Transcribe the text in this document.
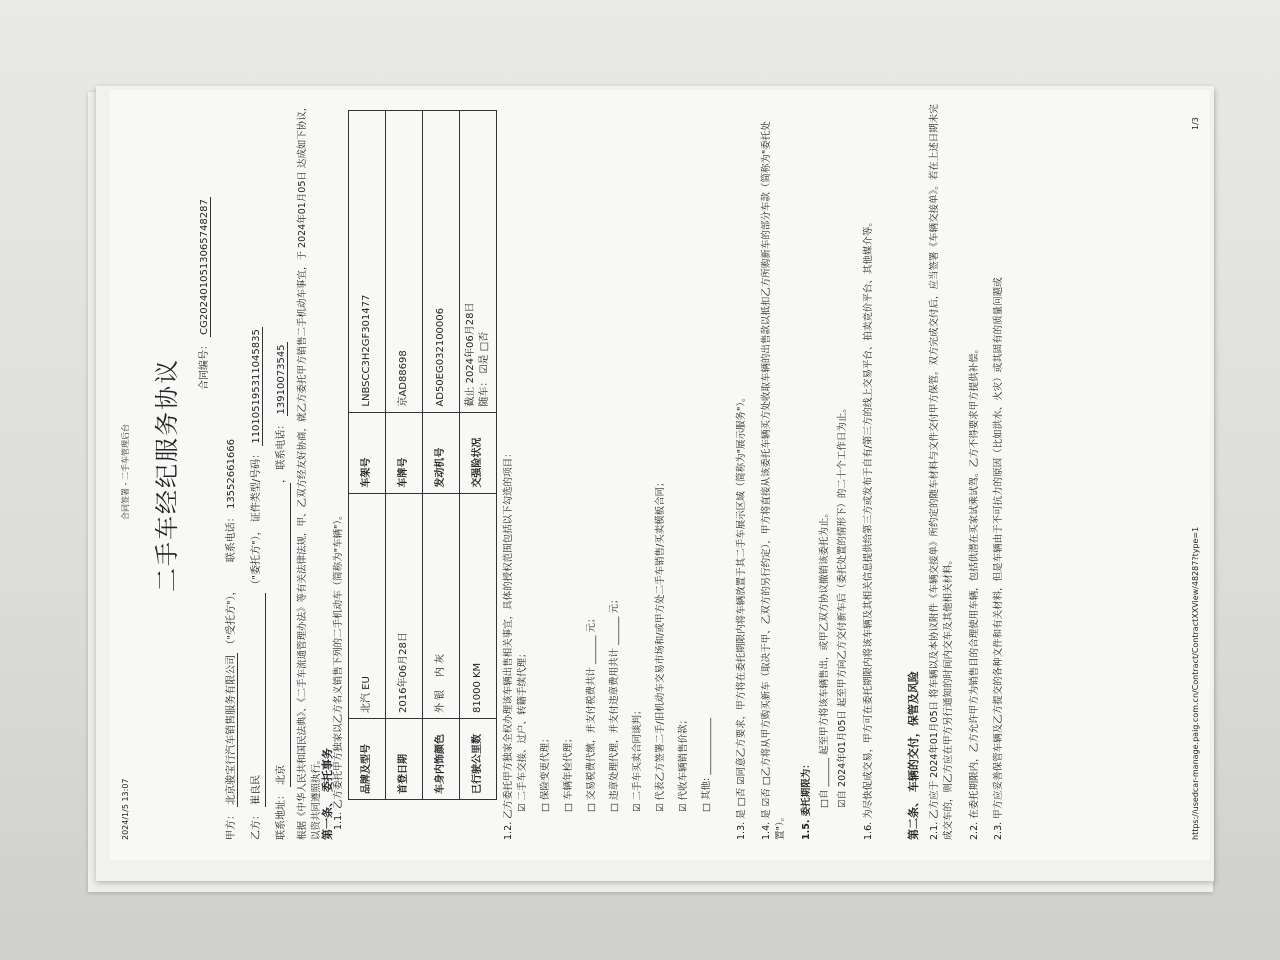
2024/1/5 13:07
合同签署 - 二手车管理后台 二手车经纪服务协议	合同编号： CG2024010513065748287
甲方： 北京骏宝行汽车销售服务有限公司 （"受托方"）， 联系电话： 13552661666
乙方： 崔良民 （"委托方"）， 证件类型/号码： 110105195311045835
联系地址： 北京， 联系电话： 13910073545	根据《中华人民共和国民法典》、《二手车流通管理办法》等有关法律法规，甲、乙双方经友好协商，就乙方委托甲方销售二手机动车事宜，于 2024年01月05日 达成如下协议，以资共同遵照执行。 第一条、 委托事务 1.1. 乙方委托甲方独家以乙方名义销售下列的二手机动车（简称为"车辆"）。 品牌及型号	北汽 EU	车架号	LNBSCC3H2GF301477
首登日期	2016年06月28日	车牌号	京AD88698
车身内饰颜色	外 银    内 灰	发动机号	AD50EG032100006
已行驶公里数	81000 KM	交强险状况	截止 2024年06月28日 随车： ☑是 □否
1.2. 乙方委托甲方独家全权办理该车辆出售相关事宜，具体的授权范围包括以下勾选的项目： ☑ 二手车交接、过户、转籍手续代理；	□ 保险变更代理；	□ 车辆年检代理；	□ 交易税费代缴，并支付税费共计 ______ 元；	□ 违章处理代理，并支付违章费用共计 ______ 元；	☑ 二手车买卖合同谈判；	☑ 代表乙方签署二手/旧机动车交易市场和/或甲方处二手车销售/买卖模板合同；	☑ 代收车辆销售价款；	□ 其他: ____________	1.3. 是 □否 ☑同意乙方要求，甲方将在委托期限内将车辆放置于其二手车展示区域（简称为"展示服务"）。 1.4. 是 ☑否 □乙方将从甲方购买新车（取决于甲、乙双方的另行约定），甲方将直接从该委托车辆买方处收取车辆的出售款以抵扣乙方所购新车的部分车款（简称为"委托处置"）。 1.5. 委托期限为： □自 ______ 起至甲方将该车辆售出，或甲乙双方协议撤销该委托为止。 ☑自 2024年01月05日 起至甲方向乙方交付新车后（委托处置的情形下）的二十个工作日为止。 1.6. 为尽快促成交易，甲方可在委托期限内将该车辆及其相关信息提供给第三方或发布于自有/第三方的线上交易平台、拍卖竞价平台、其他媒介等。	第二条、 车辆的交付，保管及风险 2.1. 乙方应于 2024年01月05日 将车辆以及本协议附件《车辆交接单》所约定的随车材料与文件交付甲方保管。双方完成交付后，应当签署《车辆交接单》。若在上述日期未完成交车的，则乙方应在甲方另行通知的时间内交车及其他相关材料。 2.2. 在委托期限内，乙方允许甲方为销售目的合理使用车辆，包括供潜在买家试乘试驾。乙方不得要求甲方提供补偿。 2.3. 甲方应妥善保管车辆及乙方提交的各种文件和有关材料，但是车辆由于不可抗力的原因（比如洪水、火灾）或其固有的质量问题或	https://usedcar-manage.paig.com.cn/Contract/ContractXXView/48287?type=1
1/3
